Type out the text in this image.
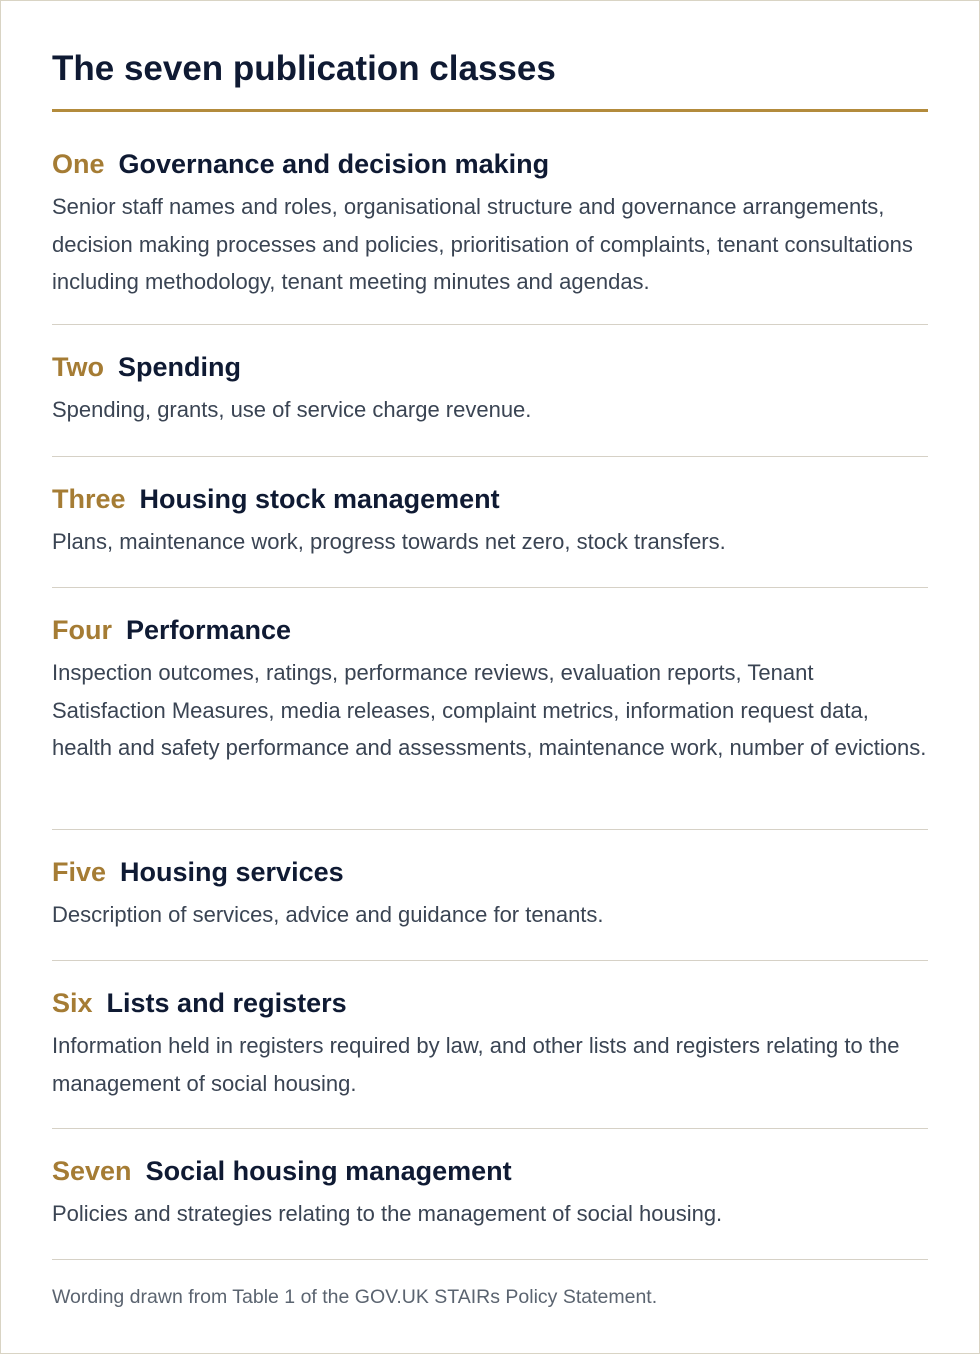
The seven publication classes
One Governance and decision making

Senior staff names and roles, organisational structure and governance arrangements, decision making processes and policies, prioritisation of complaints, tenant consultations including methodology, tenant meeting minutes and agendas.

Two Spending

Spending, grants, use of service charge revenue.

Three Housing stock management

Plans, maintenance work, progress towards net zero, stock transfers.

Four Performance

Inspection outcomes, ratings, performance reviews, evaluation reports, Tenant Satisfaction Measures, media releases, complaint metrics, information request data, health and safety performance and assessments, maintenance work, number of evictions.

Five Housing services

Description of services, advice and guidance for tenants.

Six Lists and registers

Information held in registers required by law, and other lists and registers relating to the management of social housing.

Seven Social housing management

Policies and strategies relating to the management of social housing.

Wording drawn from Table 1 of the GOV.UK STAIRs Policy Statement.
